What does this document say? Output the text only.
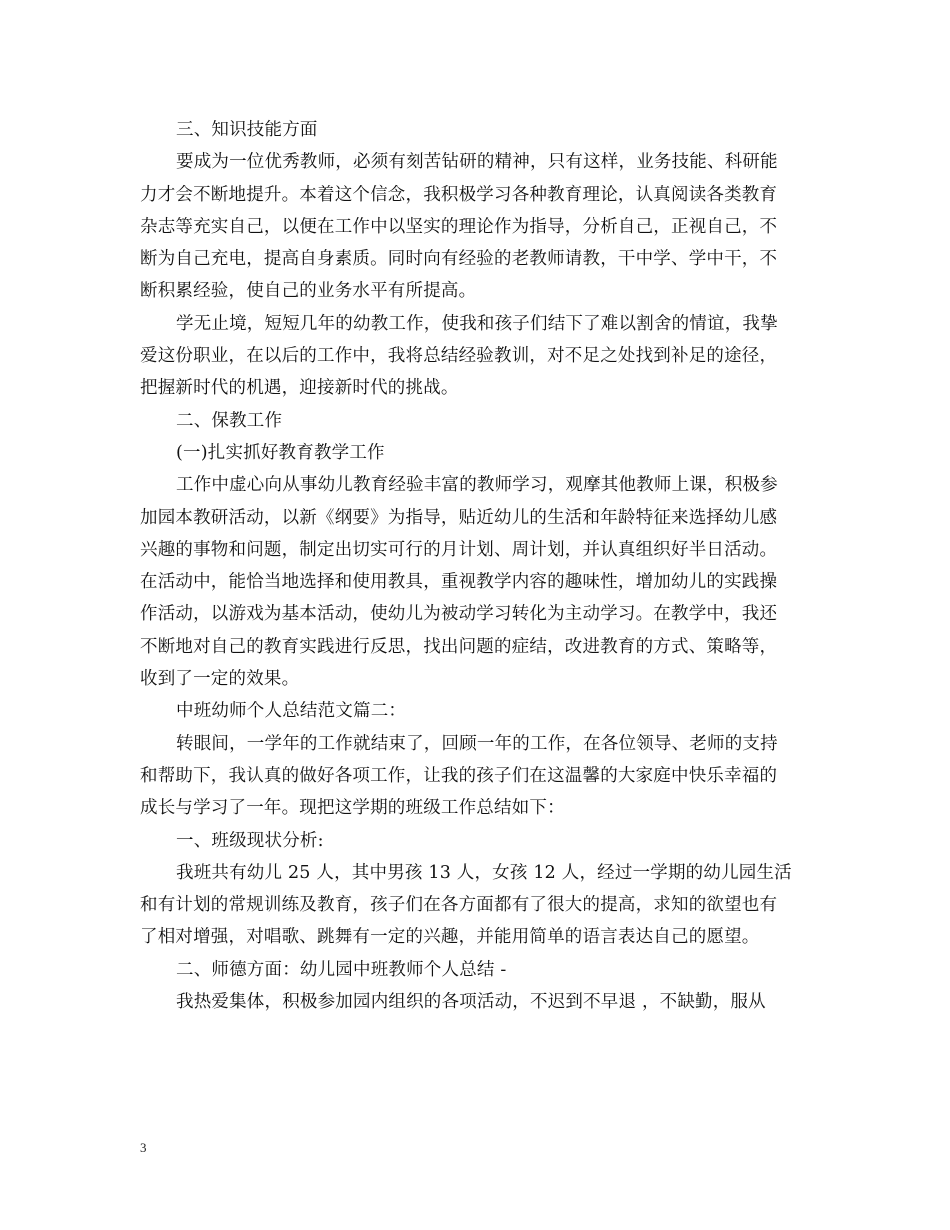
三、知识技能方面
要成为一位优秀教师，必须有刻苦钻研的精神，只有这样，业务技能、科研能
力才会不断地提升。本着这个信念，我积极学习各种教育理论，认真阅读各类教育
杂志等充实自己，以便在工作中以坚实的理论作为指导，分析自己，正视自己，不
断为自己充电，提高自身素质。同时向有经验的老教师请教，干中学、学中干，不
断积累经验，使自己的业务水平有所提高。
学无止境，短短几年的幼教工作，使我和孩子们结下了难以割舍的情谊，我挚
爱这份职业，在以后的工作中，我将总结经验教训，对不足之处找到补足的途径，
把握新时代的机遇，迎接新时代的挑战。
二、保教工作
(一)扎实抓好教育教学工作
工作中虚心向从事幼儿教育经验丰富的教师学习，观摩其他教师上课，积极参
加园本教研活动，以新《纲要》为指导，贴近幼儿的生活和年龄特征来选择幼儿感
兴趣的事物和问题，制定出切实可行的月计划、周计划，并认真组织好半日活动。
在活动中，能恰当地选择和使用教具，重视教学内容的趣味性，增加幼儿的实践操
作活动，以游戏为基本活动，使幼儿为被动学习转化为主动学习。在教学中，我还
不断地对自己的教育实践进行反思，找出问题的症结，改进教育的方式、策略等，
收到了一定的效果。
中班幼师个人总结范文篇二：
转眼间，一学年的工作就结束了，回顾一年的工作，在各位领导、老师的支持
和帮助下，我认真的做好各项工作，让我的孩子们在这温馨的大家庭中快乐幸福的
成长与学习了一年。现把这学期的班级工作总结如下：
一、班级现状分析:
我班共有幼儿 25 人，其中男孩 13 人，女孩 12 人，经过一学期的幼儿园生活
和有计划的常规训练及教育，孩子们在各方面都有了很大的提高，求知的欲望也有
了相对增强，对唱歌、跳舞有一定的兴趣，并能用简单的语言表达自己的愿望。
二、师德方面：幼儿园中班教师个人总结 -
我热爱集体，积极参加园内组织的各项活动，不迟到不早退 ，不缺勤，服从
3
